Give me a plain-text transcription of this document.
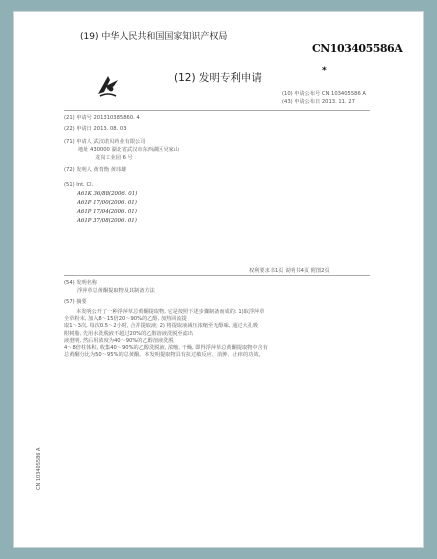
(19) 中华人民共和国国家知识产权局
(12) 发明专利申请
CN103405586A
*
(10) 申请公布号 CN 103405586 A
(43) 申请公布日 2013. 11. 27
(21) 申请号 201310385860. 4
(22) 申请日 2013. 08. 03
(71) 申请人 武汉诺贝药业有限公司
地址 430000 湖北省武汉市东西湖区吴家山
龙岗工业园 6 号
(72) 发明人 黄育衡 黄玮雄
(51) Int. Cl.
A61K 36/88(2006. 01)
A61P 17/00(2006. 01)
A61P 17/04(2006. 01)
A61P 37/08(2006. 01)
权利要求书1页 说明书4页 附图2页
(54) 发明名称
浮萍草总黄酮提取物及其制备方法
(57) 摘要
本发明公开了一种浮萍草总黄酮提取物, 它是按照下述步骤制备而成的: 1)取浮萍草
全草粉末, 加入8～15倍20～90%的乙醇, 加热回流提
取1～3次, 每次0.5～2小时, 合并提取液; 2) 将提取液减压浓缩至无醇味, 通过大孔吸
附树脂, 先用水洗脱液不超过20%的乙醇溶液洗脱至滤出
液澄明, 然后用浓度为40～90%的乙醇溶液洗脱
4～8倍柱体积, 收集40～90%的乙醇洗脱液, 浓缩, 干燥, 即得浮萍草总黄酮提取物中含有
总黄酮分比为50～95%的总黄酮。本发明提取物具有抗过敏反应、消肿、止痒的功效。
CN 103405586 A
